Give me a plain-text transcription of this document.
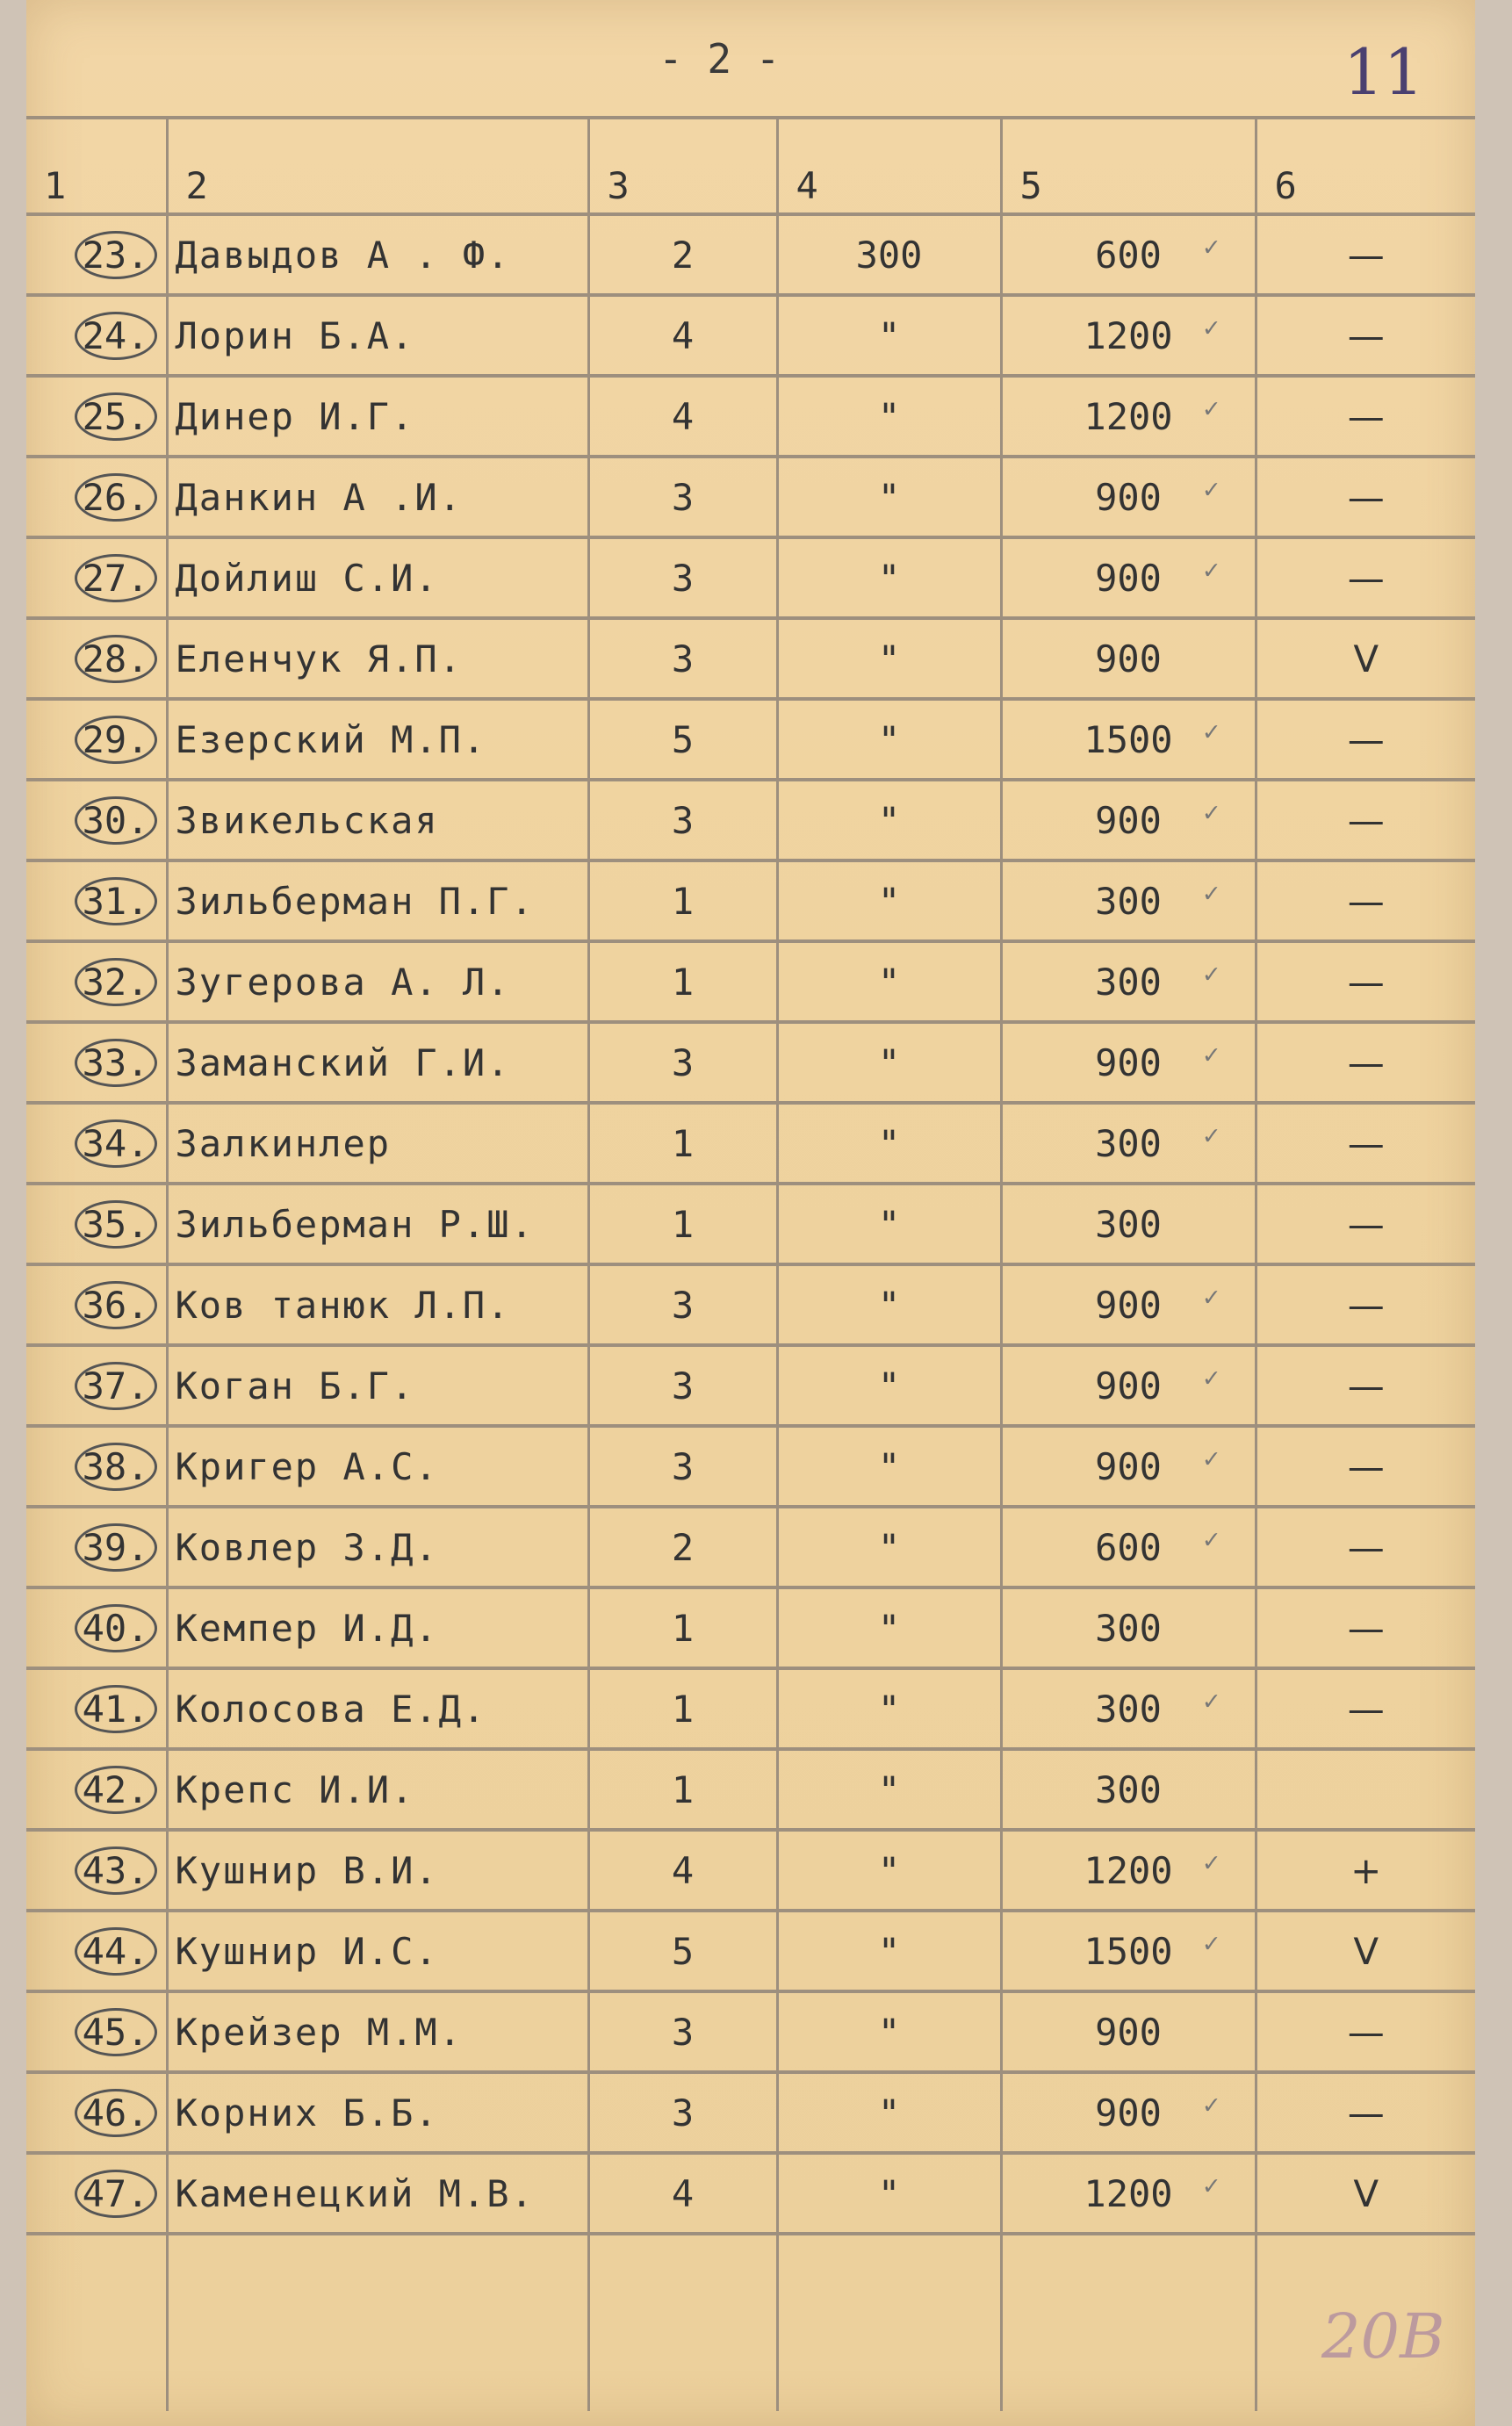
- 2 -	11
1	2	3	4	5	6
23.	Давыдов А . Ф.	2	300	600 ✓	—
24.	Лорин Б.А.	4	"	1200 ✓	—
25.	Динер И.Г.	4	"	1200 ✓	—
26.	Данкин А .И.	3	"	900 ✓	—
27.	Дойлиш С.И.	3	"	900 ✓	—
28.	Еленчук Я.П.	3	"	900	V
29.	Езерский М.П.	5	"	1500 ✓	—
30.	Звикельская	3	"	900 ✓	—
31.	Зильберман П.Г.	1	"	300 ✓	—
32.	Зугерова А. Л.	1	"	300 ✓	—
33.	Заманский Г.И.	3	"	900 ✓	—
34.	Залкинлер	1	"	300 ✓	—
35.	Зильберман Р.Ш.	1	"	300	—
36.	Ков танюк Л.П.	3	"	900 ✓	—
37.	Коган Б.Г.	3	"	900 ✓	—
38.	Кригер А.С.	3	"	900 ✓	—
39.	Ковлер З.Д.	2	"	600 ✓	—
40.	Кемпер И.Д.	1	"	300	—
41.	Колосова Е.Д.	1	"	300 ✓	—
42.	Крепс И.И.	1	"	300

43.	Кушнир В.И.	4	"	1200 ✓	+
44.	Кушнир И.С.	5	"	1500 ✓	V
45.	Крейзер М.М.	3	"	900	—
46.	Корних Б.Б.	3	"	900 ✓	—
47.	Каменецкий М.В.	4	"	1200 ✓	V

20В
